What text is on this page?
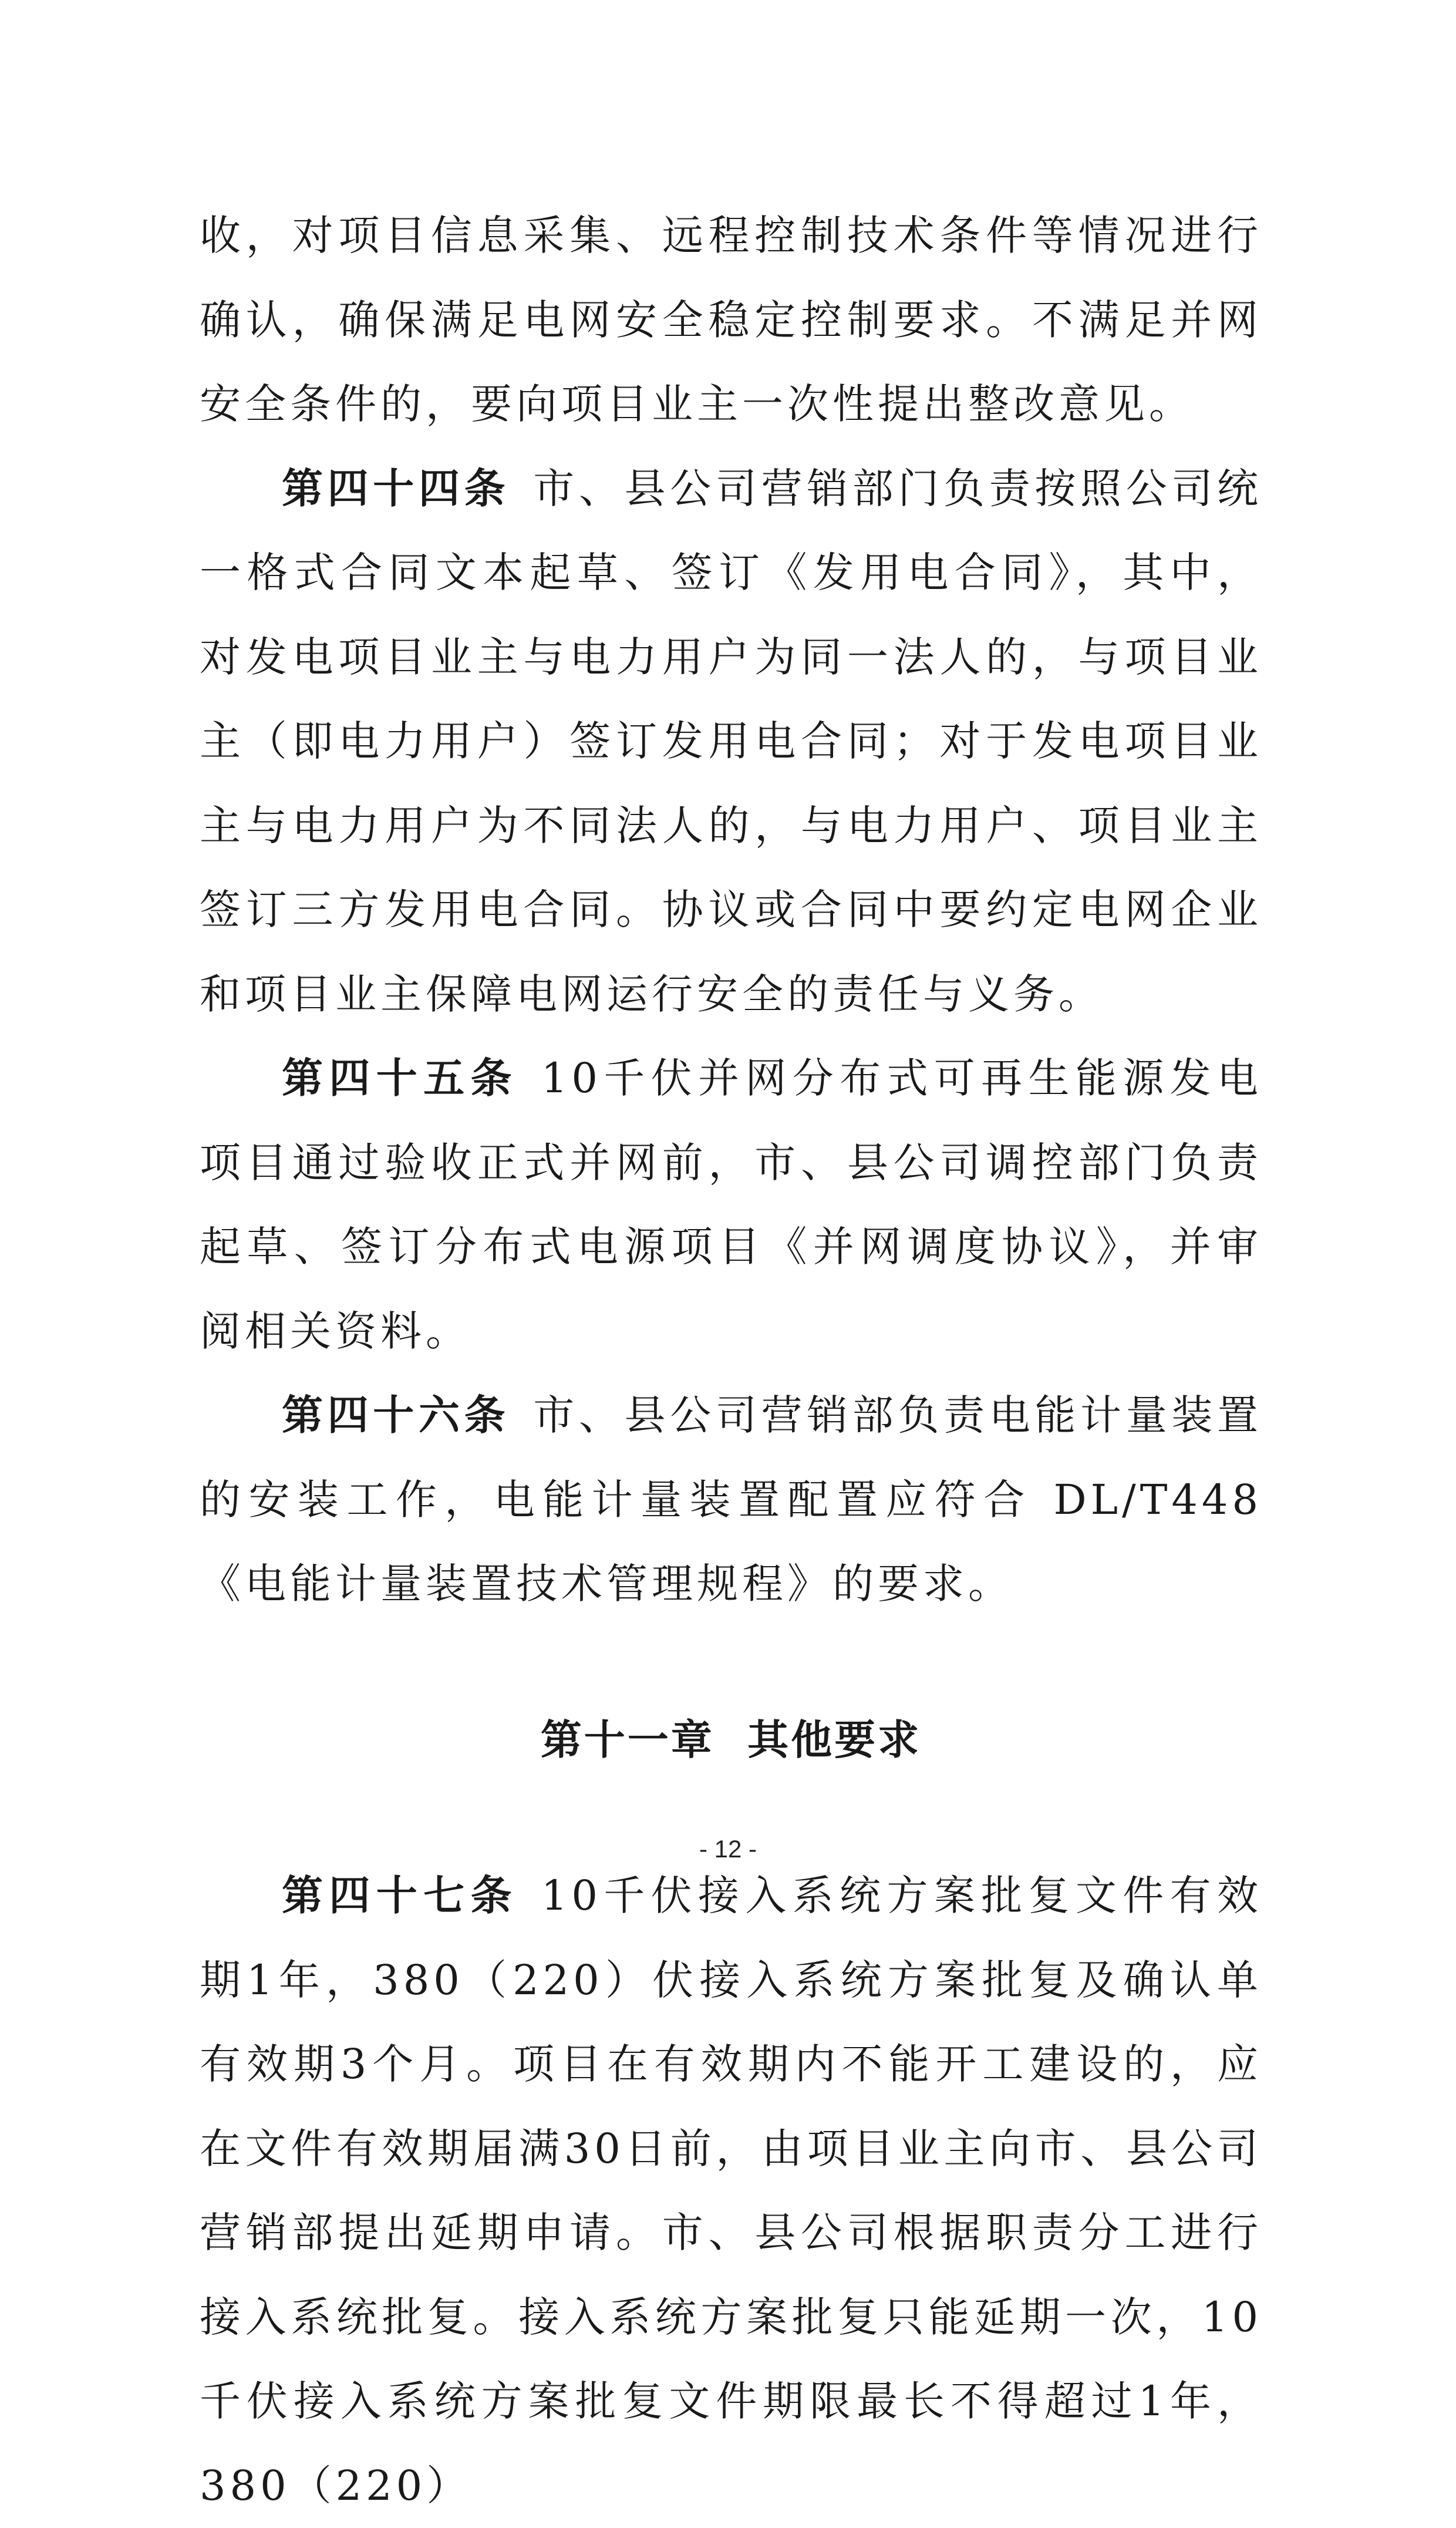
收，对项目信息采集、远程控制技术条件等情况进行确认，确保满足电网安全稳定控制要求。不满足并网安全条件的，要向项目业主一次性提出整改意见。

第四十四条 市、县公司营销部门负责按照公司统一格式合同文本起草、签订《发用电合同》，其中，对发电项目业主与电力用户为同一法人的，与项目业主（即电力用户）签订发用电合同；对于发电项目业主与电力用户为不同法人的，与电力用户、项目业主签订三方发用电合同。协议或合同中要约定电网企业和项目业主保障电网运行安全的责任与义务。

第四十五条 10千伏并网分布式可再生能源发电项目通过验收正式并网前，市、县公司调控部门负责起草、签订分布式电源项目《并网调度协议》，并审阅相关资料。

第四十六条 市、县公司营销部负责电能计量装置的安装工作，电能计量装置配置应符合 DL/T448《电能计量装置技术管理规程》的要求。

第十一章 其他要求

第四十七条 10千伏接入系统方案批复文件有效期1年，380（220）伏接入系统方案批复及确认单有效期3个月。项目在有效期内不能开工建设的，应在文件有效期届满30日前，由项目业主向市、县公司营销部提出延期申请。市、县公司根据职责分工进行接入系统批复。接入系统方案批复只能延期一次，10千伏接入系统方案批复文件期限最长不得超过1年，380（220）

- 12 -
